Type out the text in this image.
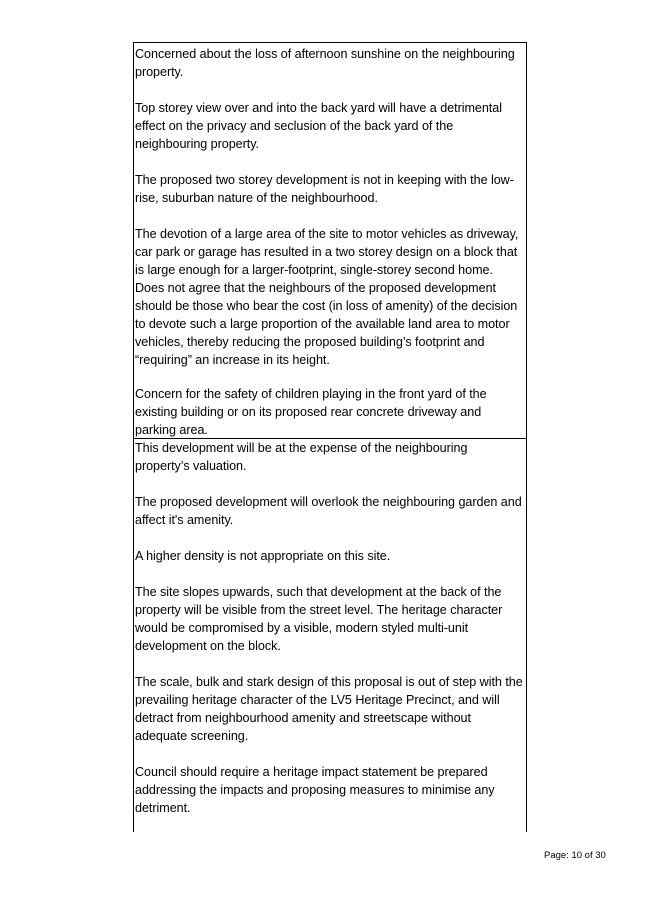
Concerned about the loss of afternoon sunshine on the neighbouring
property.

Top storey view over and into the back yard will have a detrimental
effect on the privacy and seclusion of the back yard of the
neighbouring property.

The proposed two storey development is not in keeping with the low-
rise, suburban nature of the neighbourhood.

The devotion of a large area of the site to motor vehicles as driveway,
car park or garage has resulted in a two storey design on a block that
is large enough for a larger-footprint, single-storey second home.
Does not agree that the neighbours of the proposed development
should be those who bear the cost (in loss of amenity) of the decision
to devote such a large proportion of the available land area to motor
vehicles, thereby reducing the proposed building’s footprint and
“requiring” an increase in its height.

Concern for the safety of children playing in the front yard of the
existing building or on its proposed rear concrete driveway and
parking area.

This development will be at the expense of the neighbouring
property’s valuation.

The proposed development will overlook the neighbouring garden and
affect it's amenity.

A higher density is not appropriate on this site.

The site slopes upwards, such that development at the back of the
property will be visible from the street level. The heritage character
would be compromised by a visible, modern styled multi-unit
development on the block.

The scale, bulk and stark design of this proposal is out of step with the
prevailing heritage character of the LV5 Heritage Precinct, and will
detract from neighbourhood amenity and streetscape without
adequate screening.

Council should require a heritage impact statement be prepared
addressing the impacts and proposing measures to minimise any
detriment.

Page: 10 of 30
